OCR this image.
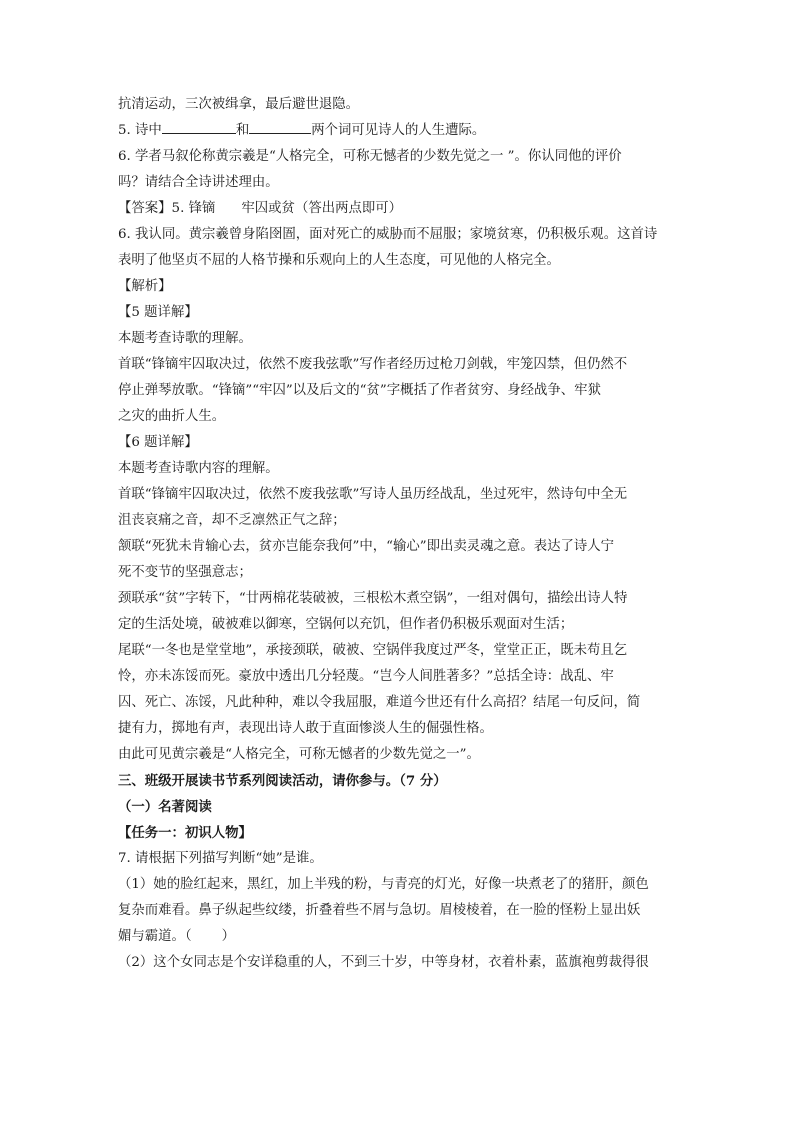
抗清运动，三次被缉拿，最后避世退隐。
5. 诗中	和	两个词可见诗人的人生遭际。
6. 学者马叙伦称黄宗羲是“人格完全，可称无憾者的少数先觉之一 ”。你认同他的评价
吗？请结合全诗讲述理由。
【答案】5. 锋镝 牢囚或贫（答出两点即可）
6. 我认同。黄宗羲曾身陷囹圄，面对死亡的威胁而不屈服；家境贫寒，仍积极乐观。这首诗
表明了他坚贞不屈的人格节操和乐观向上的人生态度，可见他的人格完全。
【解析】
【5 题详解】
本题考查诗歌的理解。
首联“锋镝牢囚取决过，依然不废我弦歌”写作者经历过枪刀剑戟，牢笼囚禁，但仍然不
停止弹琴放歌。“锋镝”“牢囚”以及后文的“贫”字概括了作者贫穷、身经战争、牢狱
之灾的曲折人生。
【6 题详解】
本题考查诗歌内容的理解。
首联“锋镝牢囚取决过，依然不废我弦歌”写诗人虽历经战乱，坐过死牢，然诗句中全无
沮丧哀痛之音，却不乏凛然正气之辞；
颔联“死犹未肯输心去，贫亦岂能奈我何”中，“输心”即出卖灵魂之意。表达了诗人宁
死不变节的坚强意志；
颈联承“贫”字转下，“廿两棉花装破被，三根松木煮空锅”，一组对偶句，描绘出诗人特
定的生活处境，破被难以御寒，空锅何以充饥，但作者仍积极乐观面对生活；
尾联“一冬也是堂堂地”，承接颈联，破被、空锅伴我度过严冬，堂堂正正，既未苟且乞
怜，亦未冻馁而死。豪放中透出几分轻蔑。“岂今人间胜著多？”总括全诗：战乱、牢
囚、死亡、冻馁，凡此种种，难以令我屈服，难道今世还有什么高招？结尾一句反问，简
捷有力，掷地有声，表现出诗人敢于直面惨淡人生的倔强性格。
由此可见黄宗羲是“人格完全，可称无憾者的少数先觉之一”。
三、班级开展读书节系列阅读活动，请你参与。（7 分）
（一）名著阅读
【任务一：初识人物】
7. 请根据下列描写判断“她”是谁。
（1）她的脸红起来，黑红，加上半残的粉，与青亮的灯光，好像一块煮老了的猪肝，颜色
复杂而难看。鼻子纵起些纹缕，折叠着些不屑与急切。眉棱棱着，在一脸的怪粉上显出妖
媚与霸道。（ ）
（2）这个女同志是个安详稳重的人，不到三十岁，中等身材，衣着朴素，蓝旗袍剪裁得很
